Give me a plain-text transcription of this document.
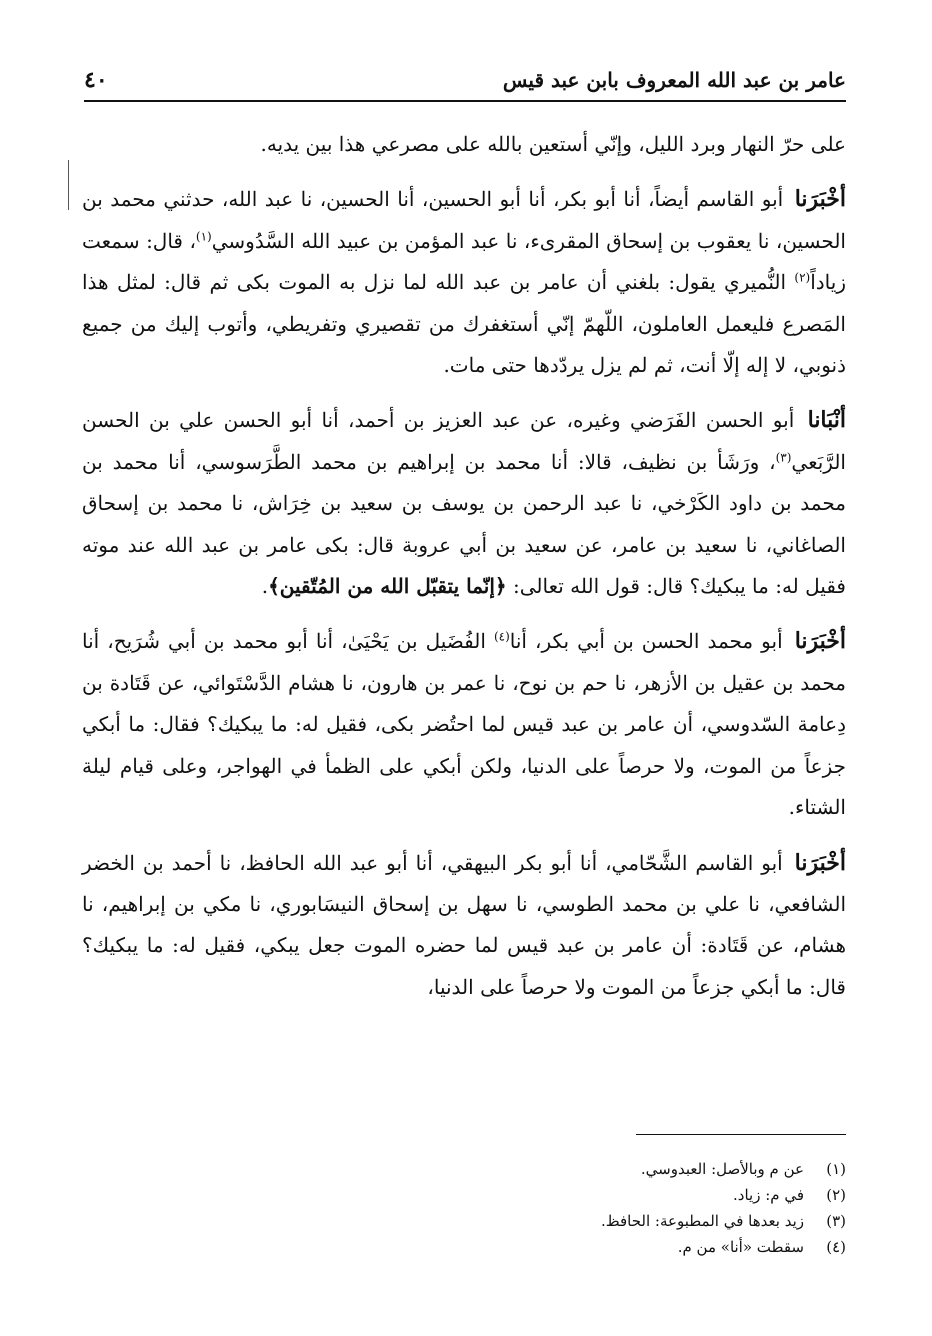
عامر بن عبد الله المعروف بابن عبد قيس
٤٠

على حرّ النهار وبرد الليل، وإنّي أستعين بالله على مصرعي هذا بين يديه.

أخْبَرَنا أبو القاسم أيضاً، أنا أبو بكر، أنا أبو الحسين، أنا الحسين، نا عبد الله، حدثني محمد بن الحسين، نا يعقوب بن إسحاق المقرىء، نا عبد المؤمن بن عبيد الله السَّدُوسي$^{(١)}$، قال: سمعت زياداً$^{(٢)}$ النُّميري يقول: بلغني أن عامر بن عبد الله لما نزل به الموت بكى ثم قال: لمثل هذا المَصرع فليعمل العاملون، اللّهمّ إنّي أستغفرك من تقصيري وتفريطي، وأتوب إليك من جميع ذنوبي، لا إله إلّا أنت، ثم لم يزل يردّدها حتى مات.

أنْبَانا أبو الحسن الفَرَضي وغيره، عن عبد العزيز بن أحمد، أنا أبو الحسن علي بن الحسن الرَّبَعي$^{(٣)}$، ورَشَأ بن نظيف، قالا: أنا محمد بن إبراهيم بن محمد الطَّرَسوسي، أنا محمد بن محمد بن داود الكَرْخي، نا عبد الرحمن بن يوسف بن سعيد بن خِرَاش، نا محمد بن إسحاق الصاغاني، نا سعيد بن عامر، عن سعيد بن أبي عروبة قال: بكى عامر بن عبد الله عند موته فقيل له: ما يبكيك؟ قال: قول الله تعالى: ﴿إنّما يتقبّل الله من المُتّقين﴾.

أخْبَرَنا أبو محمد الحسن بن أبي بكر، أنا$^{(٤)}$ الفُضَيل بن يَحْيَىٰ، أنا أبو محمد بن أبي شُرَيح، أنا محمد بن عقيل بن الأزهر، نا حم بن نوح، نا عمر بن هارون، نا هشام الدَّسْتَوائي، عن قَتَادة بن دِعامة السّدوسي، أن عامر بن عبد قيس لما احتُضر بكى، فقيل له: ما يبكيك؟ فقال: ما أبكي جزعاً من الموت، ولا حرصاً على الدنيا، ولكن أبكي على الظمأ في الهواجر، وعلى قيام ليلة الشتاء.

أخْبَرَنا أبو القاسم الشَّحّامي، أنا أبو بكر البيهقي، أنا أبو عبد الله الحافظ، نا أحمد بن الخضر الشافعي، نا علي بن محمد الطوسي، نا سهل بن إسحاق النيسَابوري، نا مكي بن إبراهيم، نا هشام، عن قَتَادة: أن عامر بن عبد قيس لما حضره الموت جعل يبكي، فقيل له: ما يبكيك؟ قال: ما أبكي جزعاً من الموت ولا حرصاً على الدنيا،

(١)
عن م وبالأصل: العبدوسي.
(٢)
في م: زياد.
(٣)
زيد بعدها في المطبوعة: الحافظ.
(٤)
سقطت «أنا» من م.
